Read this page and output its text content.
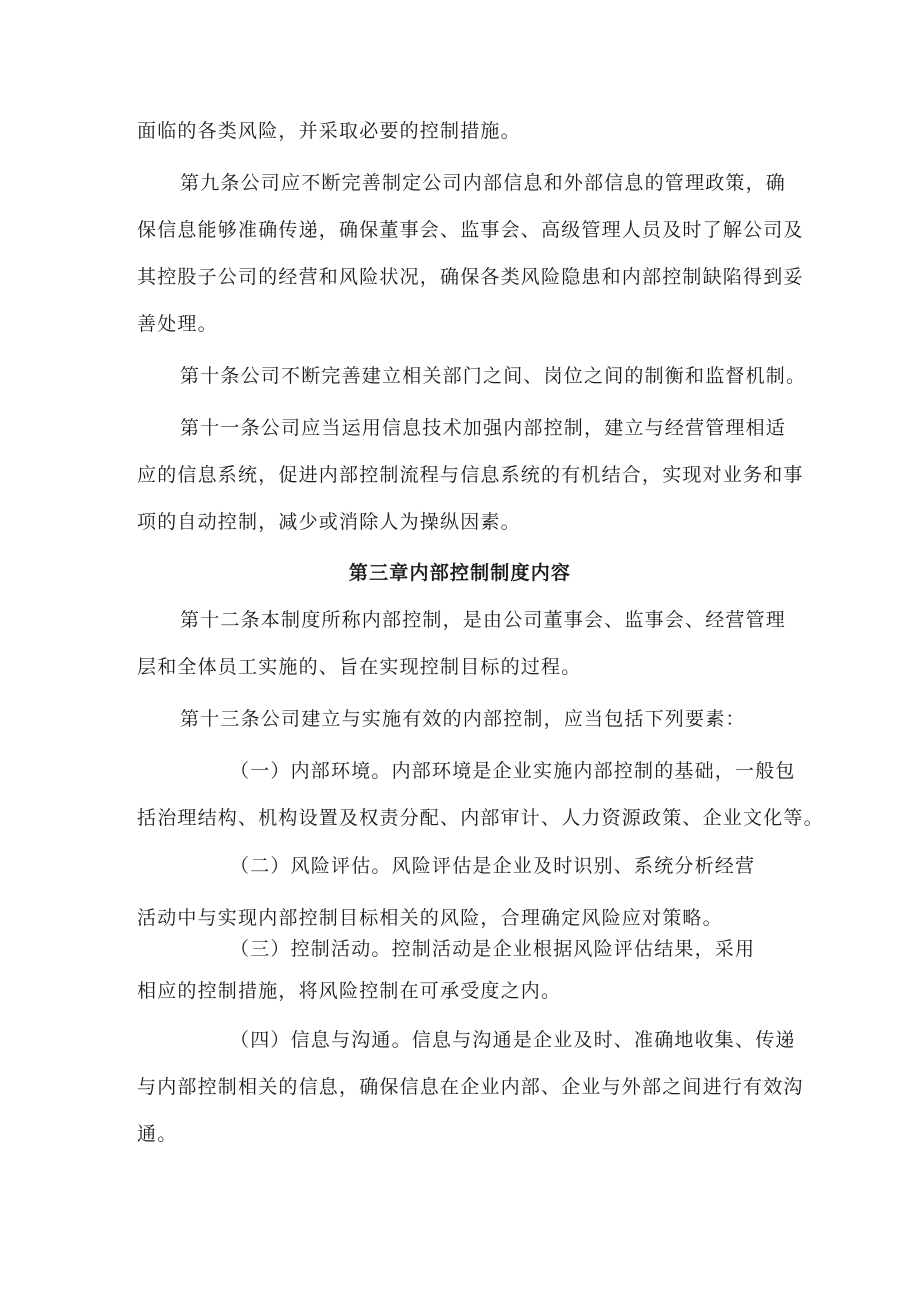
面临的各类风险，并采取必要的控制措施。
第九条公司应不断完善制定公司内部信息和外部信息的管理政策，确
保信息能够准确传递，确保董事会、监事会、高级管理人员及时了解公司及
其控股子公司的经营和风险状况，确保各类风险隐患和内部控制缺陷得到妥
善处理。
第十条公司不断完善建立相关部门之间、岗位之间的制衡和监督机制。
第十一条公司应当运用信息技术加强内部控制，建立与经营管理相适
应的信息系统，促进内部控制流程与信息系统的有机结合，实现对业务和事
项的自动控制，减少或消除人为操纵因素。
第三章内部控制制度内容
第十二条本制度所称内部控制，是由公司董事会、监事会、经营管理
层和全体员工实施的、旨在实现控制目标的过程。
第十三条公司建立与实施有效的内部控制，应当包括下列要素：
（一）内部环境。内部环境是企业实施内部控制的基础，一般包
括治理结构、机构设置及权责分配、内部审计、人力资源政策、企业文化等。
（二）风险评估。风险评估是企业及时识别、系统分析经营
活动中与实现内部控制目标相关的风险，合理确定风险应对策略。
（三）控制活动。控制活动是企业根据风险评估结果，采用
相应的控制措施，将风险控制在可承受度之内。
（四）信息与沟通。信息与沟通是企业及时、准确地收集、传递
与内部控制相关的信息，确保信息在企业内部、企业与外部之间进行有效沟
通。
